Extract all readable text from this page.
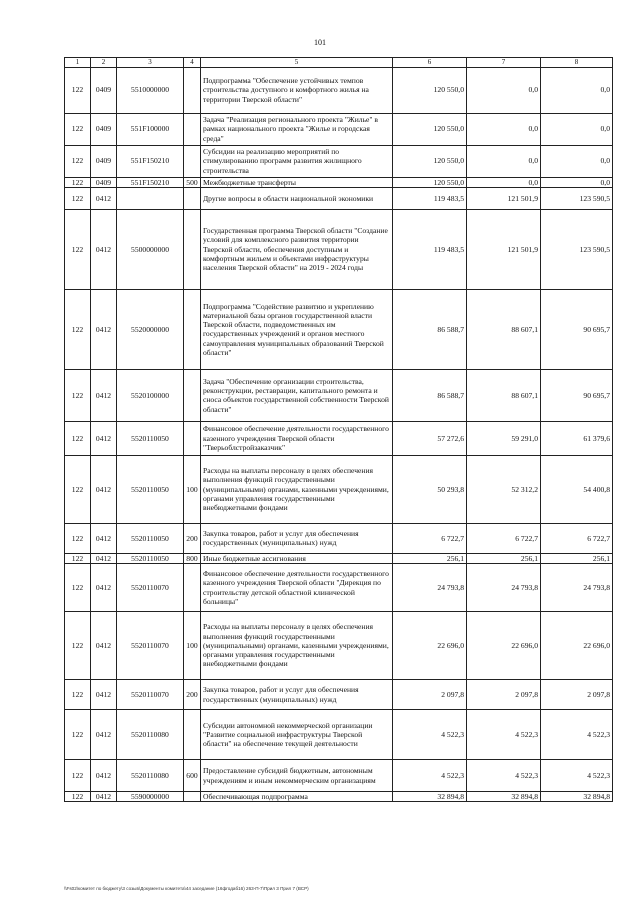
101
1	2	3	4	5	6	7	8
122	0409	5510000000		Подпрограмма "Обеспечение устойчивых темпов строительства доступного и комфортного жилья на территории Тверской области"	120 550,0	0,0	0,0
122	0409	551F100000		Задача "Реализация регионального проекта "Жилье" в рамках национального проекта "Жилье и городская среда"	120 550,0	0,0	0,0
122	0409	551F150210		Субсидии на реализацию мероприятий по стимулированию программ развития жилищного строительства	120 550,0	0,0	0,0
122	0409	551F150210	500	Межбюджетные трансферты	120 550,0	0,0	0,0
122	0412			Другие вопросы в области национальной экономики	119 483,5	121 501,9	123 590,5
122	0412	5500000000		Государственная программа Тверской области "Создание условий для комплексного развития территории Тверской области, обеспечения доступным и комфортным жильем и объектами инфраструктуры населения Тверской области" на 2019 - 2024 годы	119 483,5	121 501,9	123 590,5
122	0412	5520000000		Подпрограмма "Содействие развитию и укреплению материальной базы органов государственной власти Тверской области, подведомственных им государственных учреждений и органов местного самоуправления муниципальных образований Тверской области"	86 588,7	88 607,1	90 695,7
122	0412	5520100000		Задача "Обеспечение организации строительства, реконструкции, реставрации, капитального ремонта и сноса объектов государственной собственности Тверской области"	86 588,7	88 607,1	90 695,7
122	0412	5520110050		Финансовое обеспечение деятельности государственного казенного учреждения Тверской области "Тверьоблстройзаказчик"	57 272,6	59 291,0	61 379,6
122	0412	5520110050	100	Расходы на выплаты персоналу в целях обеспечения выполнения функций государственными (муниципальными) органами, казенными учреждениями, органами управления государственными внебюджетными фондами	50 293,8	52 312,2	54 400,8
122	0412	5520110050	200	Закупка товаров, работ и услуг для обеспечения государственных (муниципальных) нужд	6 722,7	6 722,7	6 722,7
122	0412	5520110050	800	Иные бюджетные ассигнования	256,1	256,1	256,1
122	0412	5520110070		Финансовое обеспечение деятельности государственного казенного учреждения Тверской области "Дирекция по строительству детской областной клинической больницы"	24 793,8	24 793,8	24 793,8
122	0412	5520110070	100	Расходы на выплаты персоналу в целях обеспечения выполнения функций государственными (муниципальными) органами, казенными учреждениями, органами управления государственными внебюджетными фондами	22 696,0	22 696,0	22 696,0
122	0412	5520110070	200	Закупка товаров, работ и услуг для обеспечения государственных (муниципальных) нужд	2 097,8	2 097,8	2 097,8
122	0412	5520110080		Субсидии автономной некоммерческой организации "Развитие социальной инфраструктуры Тверской области" на обеспечение текущей деятельности	4 522,3	4 522,3	4 522,3
122	0412	5520110080	600	Предоставление субсидий бюджетным, автономным учреждениям и иным некоммерческим организациям	4 522,3	4 522,3	4 522,3
122	0412	5590000000		Обеспечивающая подпрограмма	32 894,8	32 894,8	32 894,8
\\Fs02\комитет по бюджету\3 созыв\Документы комитета\44 заседание (16фгодаб16) 263-П-7\Прил 3 Прил 7 (ВСР)
